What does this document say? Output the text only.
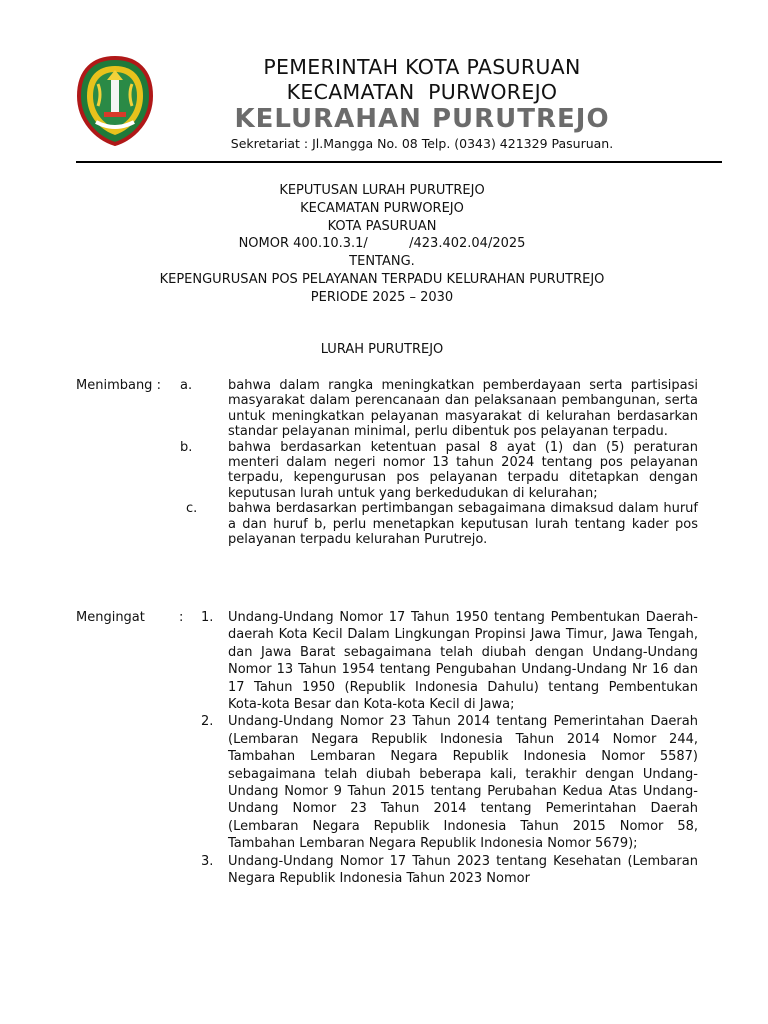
PEMERINTAH KOTA PASURUAN
KECAMATAN  PURWOREJO
KELURAHAN PURUTREJO
Sekretariat : Jl.Mangga No. 08 Telp. (0343) 421329 Pasuruan.
KEPUTUSAN LURAH PURUTREJO
KECAMATAN PURWOREJO
KOTA PASURUAN
NOMOR 400.10.3.1/          /423.402.04/2025
TENTANG.
KEPENGURUSAN POS PELAYANAN TERPADU KELURAHAN PURUTREJO
PERIODE 2025 – 2030
LURAH PURUTREJO
Menimbang : a.	bahwa dalam rangka meningkatkan pemberdayaan serta partisipasi masyarakat dalam perencanaan dan pelaksanaan pembangunan, serta untuk meningkatkan pelayanan masyarakat di kelurahan berdasarkan standar pelayanan minimal, perlu dibentuk pos pelayanan terpadu.
b.	bahwa berdasarkan ketentuan pasal 8 ayat (1) dan (5) peraturan menteri dalam negeri nomor 13 tahun 2024 tentang pos pelayanan terpadu, kepengurusan pos pelayanan terpadu ditetapkan dengan keputusan lurah untuk yang berkedudukan di kelurahan;
c. bahwa berdasarkan pertimbangan sebagaimana dimaksud dalam huruf a dan huruf b, perlu menetapkan keputusan lurah tentang kader pos pelayanan terpadu kelurahan Purutrejo.
Mengingat	: 1. Undang-Undang Nomor 17 Tahun 1950 tentang Pembentukan Daerah-daerah Kota Kecil Dalam Lingkungan Propinsi Jawa Timur, Jawa Tengah, dan Jawa Barat sebagaimana telah diubah dengan Undang-Undang Nomor 13 Tahun 1954 tentang Pengubahan Undang-Undang Nr 16 dan 17 Tahun 1950 (Republik Indonesia Dahulu) tentang Pembentukan Kota-kota Besar dan Kota-kota Kecil di Jawa;
2. Undang-Undang Nomor 23 Tahun 2014 tentang Pemerintahan Daerah (Lembaran Negara Republik Indonesia Tahun 2014 Nomor 244, Tambahan Lembaran Negara Republik Indonesia Nomor 5587) sebagaimana telah diubah beberapa kali, terakhir dengan Undang-Undang Nomor 9 Tahun 2015 tentang Perubahan Kedua Atas Undang-Undang Nomor 23 Tahun 2014 tentang Pemerintahan Daerah (Lembaran Negara Republik Indonesia Tahun 2015 Nomor 58, Tambahan Lembaran Negara Republik Indonesia Nomor 5679);
3. Undang-Undang Nomor 17 Tahun 2023 tentang Kesehatan (Lembaran Negara Republik Indonesia Tahun 2023 Nomor
